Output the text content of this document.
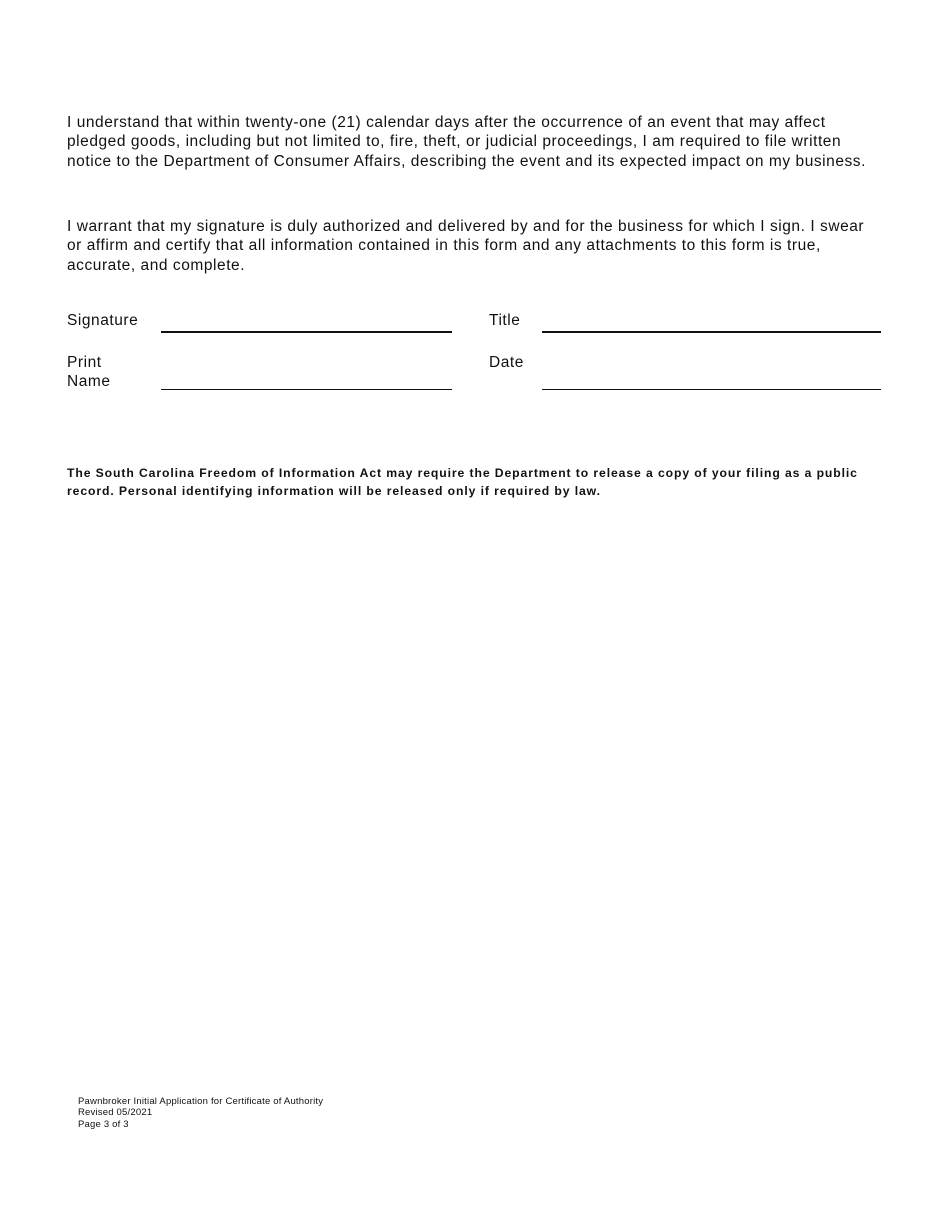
I understand that within twenty-one (21) calendar days after the occurrence of an event that may affect pledged goods, including but not limited to, fire, theft, or judicial proceedings, I am required to file written notice to the Department of Consumer Affairs, describing the event and its expected impact on my business.

I warrant that my signature is duly authorized and delivered by and for the business for which I sign. I swear or affirm and certify that all information contained in this form and any attachments to this form is true, accurate, and complete.

Signature	Title
Print
Name
Date

The South Carolina Freedom of Information Act may require the Department to release a copy of your filing as a public record. Personal identifying information will be released only if required by law.

Pawnbroker Initial Application for Certificate of Authority
Revised 05/2021
Page 3 of 3
